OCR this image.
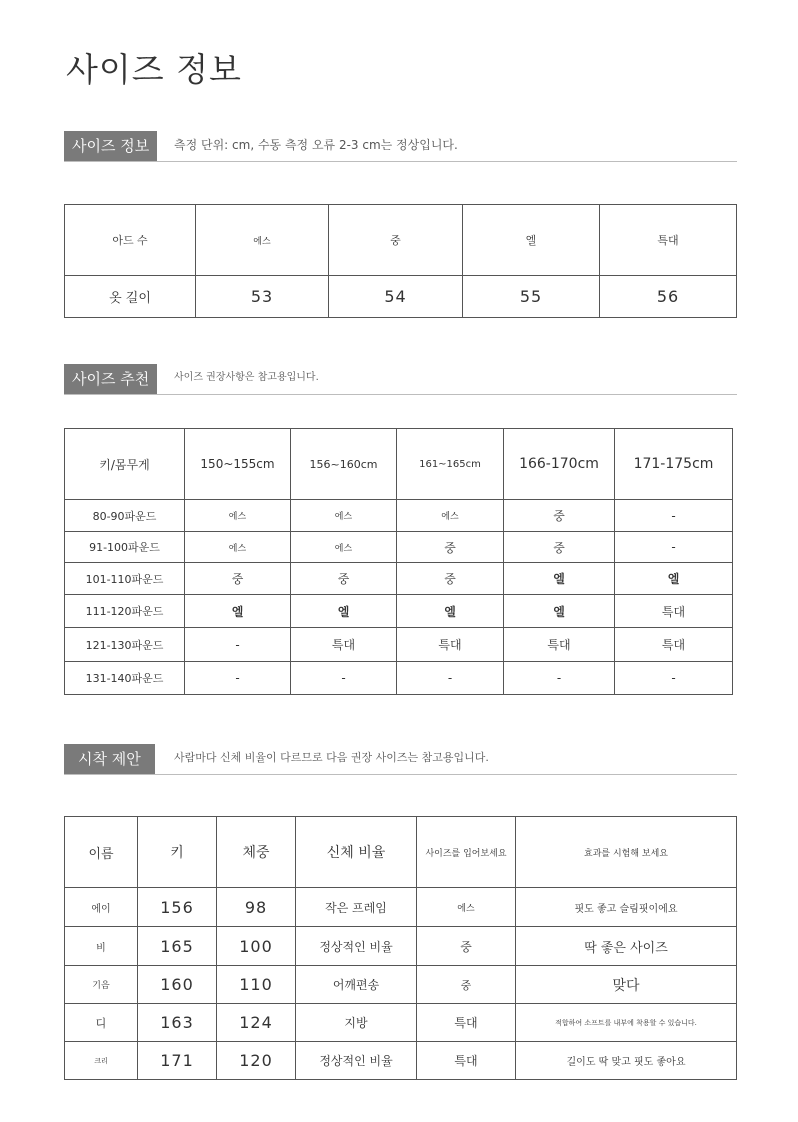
사이즈 정보
사이즈 정보	측정 단위: cm, 수동 측정 오류 2-3 cm는 정상입니다.
아드 수	에스	중	엘	특대
옷 길이	53	54	55	56
사이즈 추천	사이즈 권장사항은 참고용입니다.
키/몸무게	150~155cm	156~160cm	161~165cm	166-170cm	171-175cm
80-90파운드	에스	에스	에스	중	-
91-100파운드	에스	에스	중	중	-
101-110파운드	중	중	중	엘	엘
111-120파운드	엘	엘	엘	엘	특대
121-130파운드	-	특대	특대	특대	특대
131-140파운드	-	-	-	-	-
시착 제안	사람마다 신체 비율이 다르므로 다음 권장 사이즈는 참고용입니다.
이름	키	체중	신체 비율	사이즈를 입어보세요	효과를 시험해 보세요
에이	156	98	작은 프레임	에스	핏도 좋고 슬림핏이에요
비	165	100	정상적인 비율	중	딱 좋은 사이즈
기음	160	110	어깨편송	중	맞다
디	163	124	지방	특대	적합하여 소프트를 내부에 착용할 수 있습니다.
크리	171	120	정상적인 비율	특대	길이도 딱 맞고 핏도 좋아요
